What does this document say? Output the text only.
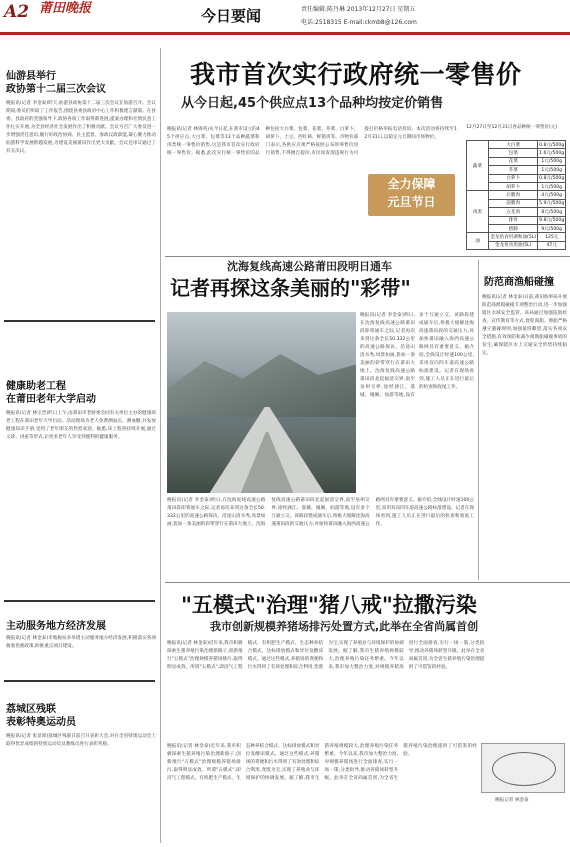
A2 莆田晚报	今日要闻	责任编辑:陈丹琳 2013年12月27日 星期五
电话:2518315 E-mail:ckmb8@126.com
仙游县举行
政协第十二届三次会议
晚报讯(记者 李金泰)昨天,仙游县政协第十二届三次会议在仙游召开。会议期间,委员们听取了工作报告,围绕县委县政府中心工作积极建言献策。在县委、县政府的坚强领导下,政协各项工作取得新进展,提案办理和社情民意工作扎实开展,为全县经济社会发展作出了积极贡献。会议号召广大委员进一步增强责任意识,履行好政治协商、民主监督、参政议政职能,凝心聚力推动仙游科学发展跨越发展,为建设美丽莆田作出更大贡献。会议还审议通过了有关决议。
健康助老工程
在莆田老年大学启动
晚报讯(记者 林宝晋)昨日上午,由莆田市老龄委会同有关单位主办的健康助老工程在莆田老年大学启动。活动现场为老人免费测血压、测血糖,并发放健康知识手册,受到了老年朋友的热烈欢迎。据悉,该工程将持续开展,通过义诊、讲座等形式,让更多老年人享受到便利的健康服务。
主动服务地方经济发展
晚报讯(记者 林金泰)市地税局多举措主动服务地方经济发展,积极落实各项税收优惠政策,助推重点项目建设。
荔城区残联
表彰特奥运动员
晚报讯(记者 张显锋)荔城区残联日前召开表彰大会,对在全省特奥运动会上取得优异成绩的特奥运动员及教练员进行表彰奖励。
我市首次实行政府统一零售价
从今日起,45个供应点13个品种均按定价销售
晚报讯(记者 林锦英)从今日起,在我市设立的45个供应点,大白菜、包菜等13个品种蔬菜和肉类统一零售价销售,这是我市首次实行政府统一零售价。据悉,此次实行统一零售价的品种包括大白菜、包菜、花菜、芥菜、白萝卜、胡萝卜、土豆、西红柿、鲜猪肉等。市物价部门表示,各供应点须严格按照公布的零售价进行销售,不得擅自提价,市民如发现违规行为可拨打价格举报电话投诉。本次活动将持续至12月31日,以稳定元旦期间市场物价。
全力保障
元旦节日
12月27日至12月31日各品种统一零售价(元)
蔬菜	大白菜	0.8元/500g
	包菜	1.6元/500g
	花菜	1元/500g
	芥菜	1元/500g
	白萝卜	0.8元/500g
	胡萝卜	1元/500g
肉类	后腿肉	4元/500g
	前腿肉	5.9元/500g
	五花肉	8元/500g
	排骨	9.8元/500g
	猪蹄	9元/500g
油	金龙鱼食用调和油(5L)	125元
	金龙鱼食用油(5L)	47元
沈海复线高速公路莆田段明日通车
记者再探这条美丽的"彩带"
晚报讯(记者 李金泰)明日,在沈海复线高速公路莆田段即将通车之际,记者再次来到这条全长50.332公里的高速公路探访。沿途山清水秀,风景如画,犹如一条美丽的彩带穿行在莆田大地上。沈海复线高速公路莆田段北起福清交界,南至泉州交界,途经涵江、荔城、城厢、仙游等地,设有多个互通立交。该路段建成通车后,将极大缓解沈海高速莆田段的交通压力,对加快莆田融入海西高速公路网具有重要意义。据介绍,全线设计时速100公里,采用双向四车道高速公路标准建设。记者在现场看到,施工人员正在进行最后的检查和收尾工作。
晚报讯(记者 李金泰)明日,在沈海复线高速公路莆田段即将通车之际,记者再次来到这条全长50.332公里的高速公路探访。沿途山清水秀,风景如画,犹如一条美丽的彩带穿行在莆田大地上。沈海复线高速公路莆田段北起福清交界,南至泉州交界,途经涵江、荔城、城厢、仙游等地,设有多个互通立交。该路段建成通车后,将极大缓解沈海高速莆田段的交通压力,对加快莆田融入海西高速公路网具有重要意义。据介绍,全线设计时速100公里,采用双向四车道高速公路标准建设。记者在现场看到,施工人员正在进行最后的检查和收尾工作。
防范商渔船碰撞
晚报讯(记者 林金泰)日前,莆田海事局开展防范商渔船碰撞专项整治行动,进一步加强辖区水域安全监管。该局通过加强巡航检查、宣传教育等方式,督促商船、渔船严格遵守避碰规则,加强值班瞭望,落实各项安全措施,有效预防和减少商渔船碰撞事故的发生,确保辖区水上交通安全形势持续稳定。
"五模式"治理"猪八戒"拉撒污染
我市创新规模养猪场排污处置方式,此举在全省尚属首创
晚报讯(记者 林金泰)近年来,我市积极探索生猪养殖污染治理新路子,创新推行"五模式"治理规模养猪场排污,取得明显成效。所谓"五模式",即沼气工程模式、有机肥生产模式、生态种养结合模式、达标排放模式和异位发酵床模式。通过这些模式,养猪场的粪便和污水得到了有效处理和综合利用,变废为宝,实现了养殖业与环境保护的协调发展。据了解,我市生猪养殖规模较大,治理养殖污染任务繁重。今年以来,我市加大整治力度,对规模养猪场进行全面排查,实行一场一策,分类指导,推动养猪场转型升级。此举在全省尚属首创,为全省生猪养殖污染治理提供了可借鉴的经验。
晚报讯(记者 林金泰)近年来,我市积极探索生猪养殖污染治理新路子,创新推行"五模式"治理规模养猪场排污,取得明显成效。所谓"五模式",即沼气工程模式、有机肥生产模式、生态种养结合模式、达标排放模式和异位发酵床模式。通过这些模式,养猪场的粪便和污水得到了有效处理和综合利用,变废为宝,实现了养殖业与环境保护的协调发展。据了解,我市生猪养殖规模较大,治理养殖污染任务繁重。今年以来,我市加大整治力度,对规模养猪场进行全面排查,实行一场一策,分类指导,推动养猪场转型升级。此举在全省尚属首创,为全省生猪养殖污染治理提供了可借鉴的经验。
晚报记者 林金泰
